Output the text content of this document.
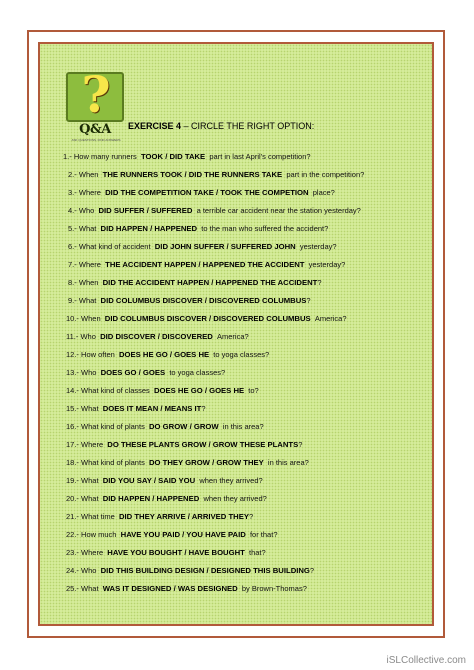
?
Q&A
ASK QUESTIONS, FIND ANSWERS
EXERCISE 4 – CIRCLE THE RIGHT OPTION:
1.- How many runners TOOK / DID TAKE part in last April’s competition?
2.- When THE RUNNERS TOOK / DID THE RUNNERS TAKE part in the competition?
3.- Where DID THE COMPETITION TAKE / TOOK THE COMPETION place?
4.- Who DID SUFFER / SUFFERED a terrible car accident near the station yesterday?
5.- What DID HAPPEN / HAPPENED to the man who suffered the accident?
6.- What kind of accident DID JOHN SUFFER / SUFFERED JOHN yesterday?
7.- Where THE ACCIDENT HAPPEN / HAPPENED THE ACCIDENT yesterday?
8.- When DID THE ACCIDENT HAPPEN / HAPPENED THE ACCIDENT?
9.- What DID COLUMBUS DISCOVER / DISCOVERED COLUMBUS?
10.- When DID COLUMBUS DISCOVER / DISCOVERED COLUMBUS America?
11.- Who DID DISCOVER / DISCOVERED America?
12.- How often DOES HE GO / GOES HE to yoga classes?
13.- Who DOES GO / GOES to yoga classes?
14.- What kind of classes DOES HE GO / GOES HE to?
15.- What DOES IT MEAN / MEANS IT?
16.- What kind of plants DO GROW / GROW in this area?
17.- Where DO THESE PLANTS GROW / GROW THESE PLANTS?
18.- What kind of plants DO THEY GROW / GROW THEY in this area?
19.- What DID YOU SAY / SAID YOU when they arrived?
20.- What DID HAPPEN / HAPPENED when they arrived?
21.- What time DID THEY ARRIVE / ARRIVED THEY?
22.- How much HAVE YOU PAID / YOU HAVE PAID for that?
23.- Where HAVE YOU BOUGHT / HAVE BOUGHT that?
24.- Who DID THIS BUILDING DESIGN / DESIGNED THIS BUILDING?
25.- What WAS IT DESIGNED / WAS DESIGNED by Brown-Thomas?
iSLCollective.com
